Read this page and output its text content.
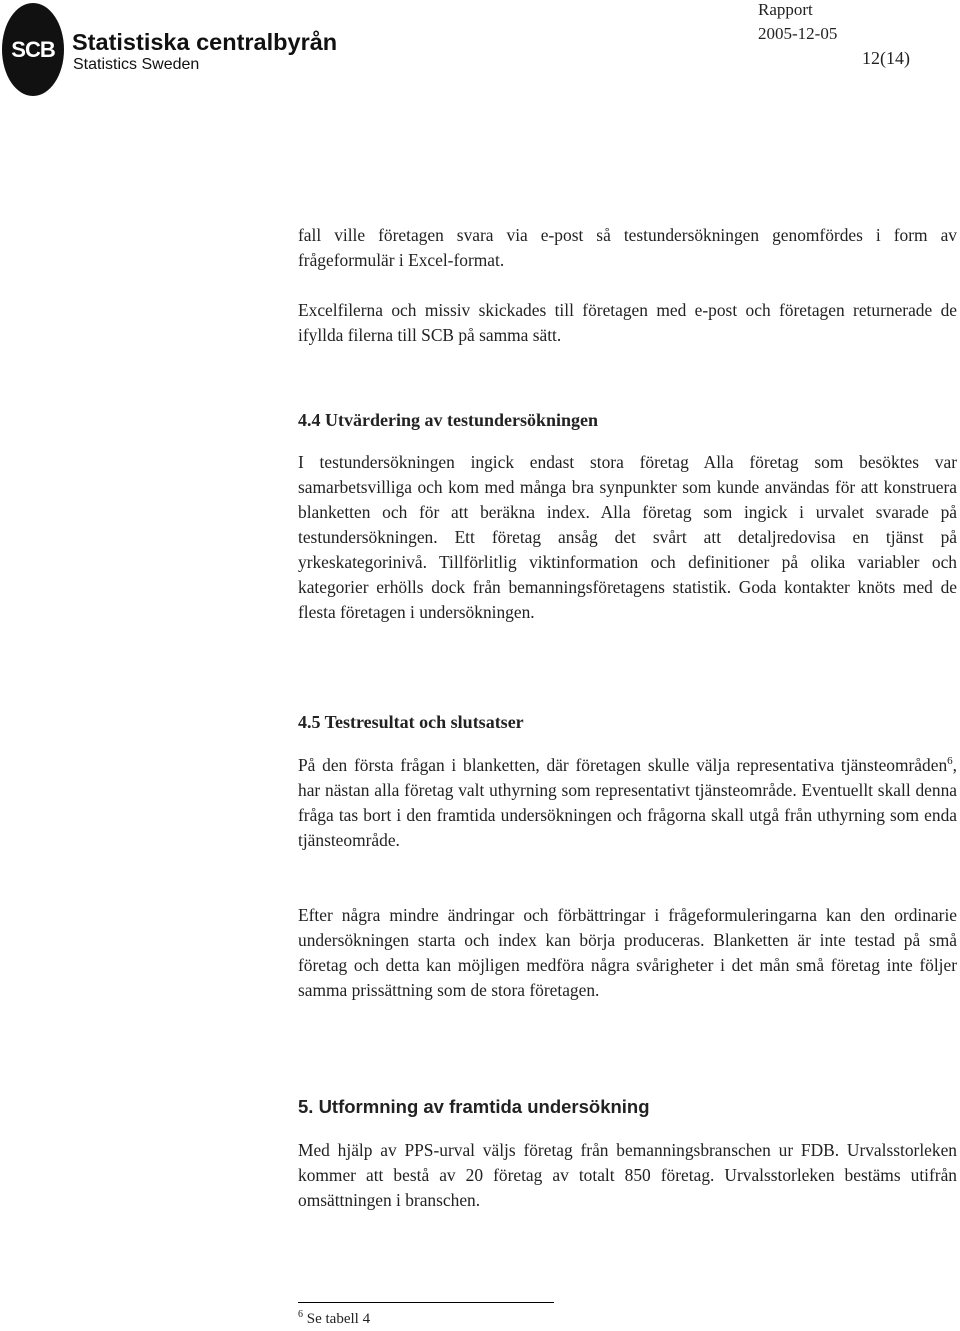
SCB Statistiska centralbyrån
Statistics Sweden
Rapport
2005-12-05
12(14)

fall ville företagen svara via e-post så testundersökningen genomfördes i form av frågeformulär i Excel-format.

Excelfilerna och missiv skickades till företagen med e-post och företagen returnerade de ifyllda filerna till SCB på samma sätt.

4.4 Utvärdering av testundersökningen

I testundersökningen ingick endast stora företag Alla företag som besöktes var samarbetsvilliga och kom med många bra synpunkter som kunde användas för att konstruera blanketten och för att beräkna index. Alla företag som ingick i urvalet svarade på testundersökningen. Ett företag ansåg det svårt att detaljredovisa en tjänst på yrkeskategorinivå. Tillförlitlig viktinformation och definitioner på olika variabler och kategorier erhölls dock från bemanningsföretagens statistik. Goda kontakter knöts med de flesta företagen i undersökningen.

4.5 Testresultat och slutsatser

På den första frågan i blanketten, där företagen skulle välja representativa tjänsteområden$^6$, har nästan alla företag valt uthyrning som representativt tjänsteområde. Eventuellt skall denna fråga tas bort i den framtida undersökningen och frågorna skall utgå från uthyrning som enda tjänsteområde.

Efter några mindre ändringar och förbättringar i frågeformuleringarna kan den ordinarie undersökningen starta och index kan börja produceras. Blanketten är inte testad på små företag och detta kan möjligen medföra några svårigheter i det mån små företag inte följer samma prissättning som de stora företagen.

5. Utformning av framtida undersökning

Med hjälp av PPS-urval väljs företag från bemanningsbranschen ur FDB. Urvalsstorleken kommer att bestå av 20 företag av totalt 850 företag. Urvalsstorleken bestäms utifrån omsättningen i branschen.

$^6$ Se tabell 4
